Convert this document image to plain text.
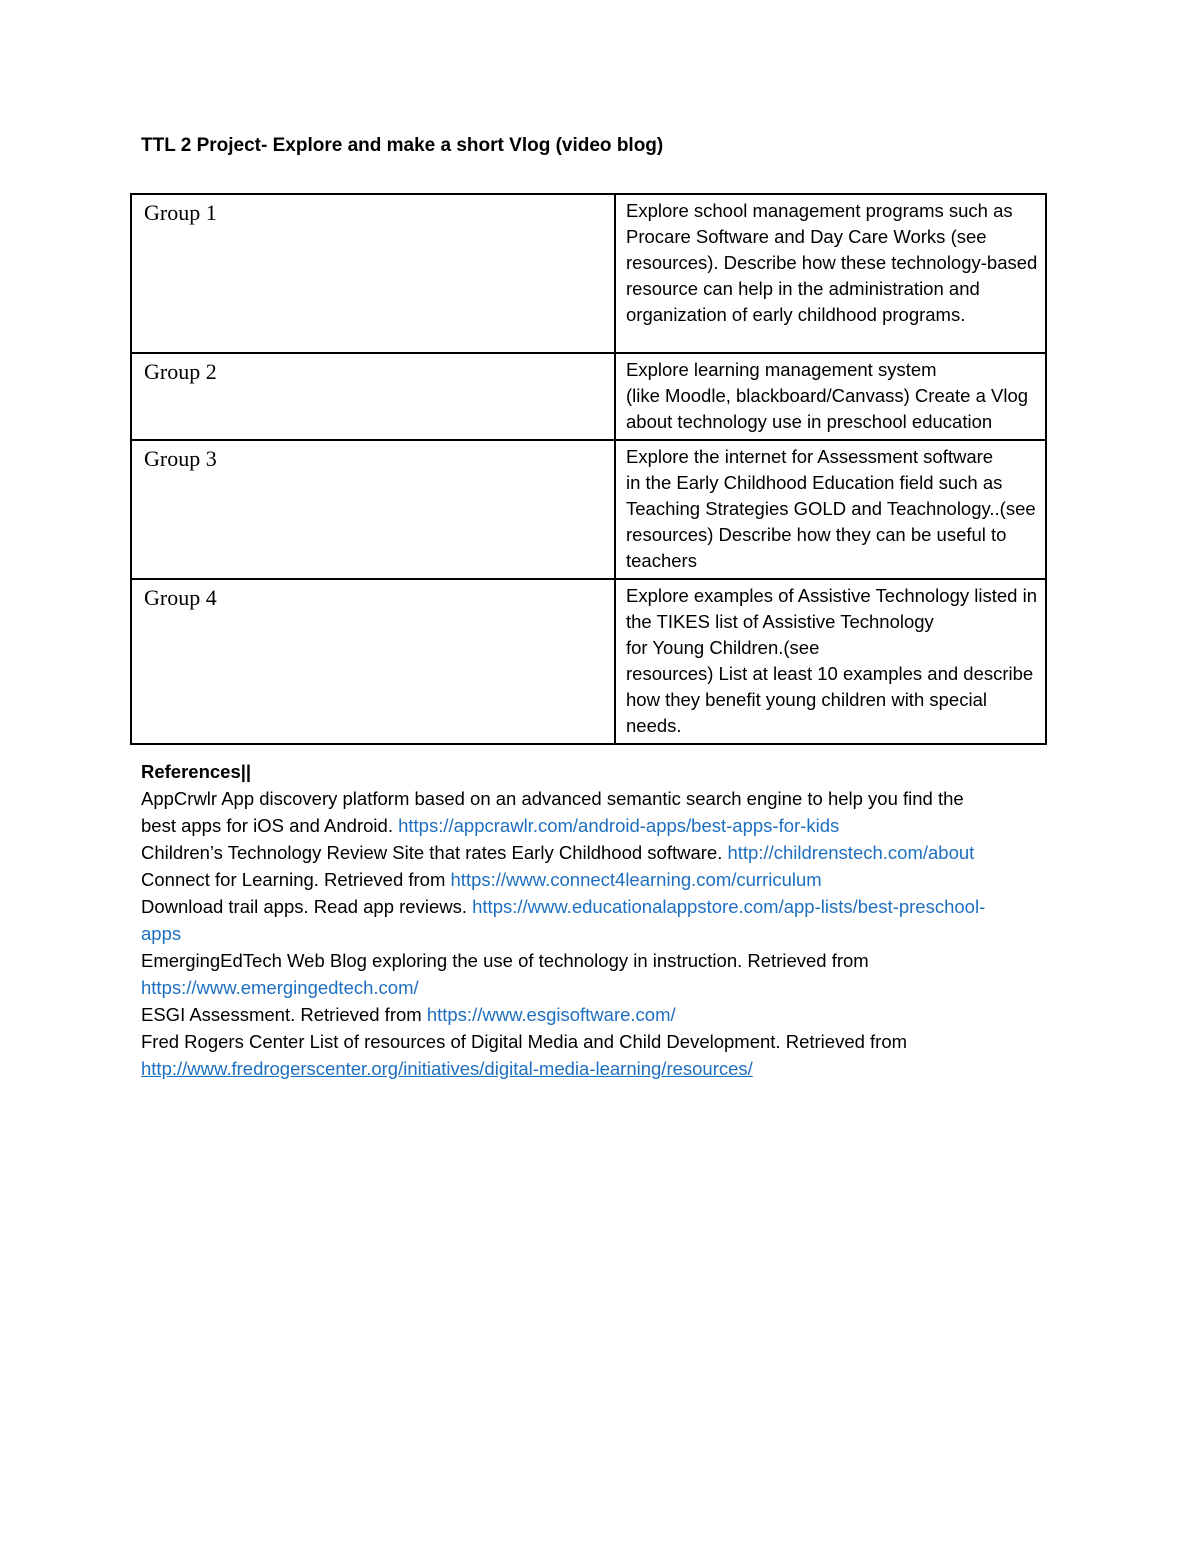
TTL 2 Project- Explore and make a short Vlog (video blog)
Group 1	Explore school management programs such as
Procare Software and Day Care Works (see
resources). Describe how these technology-based
resource can help in the administration and
organization of early childhood programs.

Group 2	Explore learning management system
(like Moodle, blackboard/Canvass) Create a Vlog
about technology use in preschool education

Group 3	Explore the internet for Assessment software
in the Early Childhood Education field such as
Teaching Strategies GOLD and Teachnology..(see
resources) Describe how they can be useful to
teachers

Group 4	Explore examples of Assistive Technology listed in
the TIKES list of Assistive Technology
for Young Children.(see
resources) List at least 10 examples and describe
how they benefit young children with special
needs.
References||
AppCrwlr App discovery platform based on an advanced semantic search engine to help you find the
best apps for iOS and Android. https://appcrawlr.com/android-apps/best-apps-for-kids
Children’s Technology Review Site that rates Early Childhood software. http://childrenstech.com/about
Connect for Learning. Retrieved from https://www.connect4learning.com/curriculum
Download trail apps. Read app reviews. https://www.educationalappstore.com/app-lists/best-preschool-
apps
EmergingEdTech Web Blog exploring the use of technology in instruction. Retrieved from
https://www.emergingedtech.com/
ESGI Assessment. Retrieved from https://www.esgisoftware.com/
Fred Rogers Center List of resources of Digital Media and Child Development. Retrieved from
http://www.fredrogerscenter.org/initiatives/digital-media-learning/resources/
